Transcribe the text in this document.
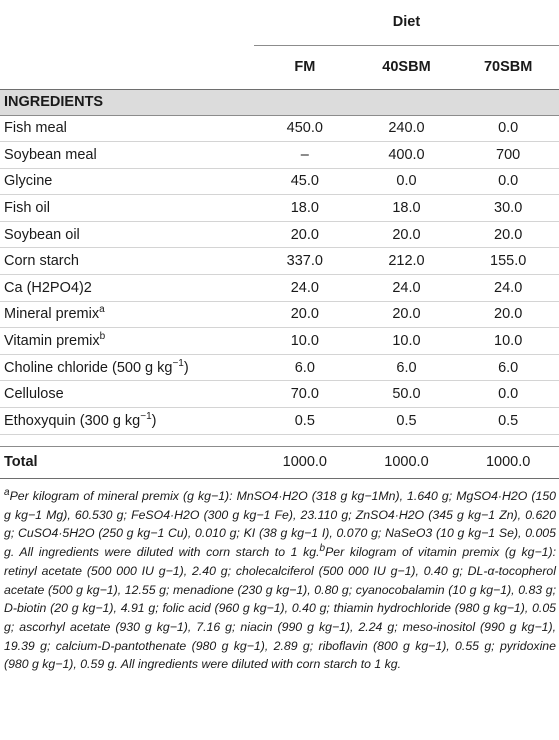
	Diet		
	FM	40SBM	70SBM
INGREDIENTS			
Fish meal	450.0	240.0	0.0
Soybean meal	–	400.0	700
Glycine	45.0	0.0	0.0
Fish oil	18.0	18.0	30.0
Soybean oil	20.0	20.0	20.0
Corn starch	337.0	212.0	155.0
Ca (H2PO4)2	24.0	24.0	24.0
Mineral premix$^a$	20.0	20.0	20.0
Vitamin premix$^b$	10.0	10.0	10.0
Choline chloride (500 g $kg^{-1}$)	6.0	6.0	6.0
Cellulose	70.0	50.0	0.0
Ethoxyquin (300 g $kg^{-1}$)	0.5	0.5	0.5

Total	1000.0	1000.0	1000.0
$^a$Per kilogram of mineral premix (g kg−1): MnSO4·H2O (318 g kg−1Mn), 1.640 g; MgSO4·H2O (150 g kg−1 Mg), 60.530 g; FeSO4·H2O (300 g kg−1 Fe), 23.110 g; ZnSO4·H2O (345 g kg−1 Zn), 0.620 g; CuSO4·5H2O (250 g kg−1 Cu), 0.010 g; KI (38 g kg−1 I), 0.070 g; NaSeO3 (10 g kg−1 Se), 0.005 g. All ingredients were diluted with corn starch to 1 kg.$^b$Per kilogram of vitamin premix (g kg−1): retinyl acetate (500 000 IU g−1), 2.40 g; cholecalciferol (500 000 IU g−1), 0.40 g; DL-α-tocopherol acetate (500 g kg−1), 12.55 g; menadione (230 g kg−1), 0.80 g; cyanocobalamin (10 g kg−1), 0.83 g; D-biotin (20 g kg−1), 4.91 g; folic acid (960 g kg−1), 0.40 g; thiamin hydrochloride (980 g kg−1), 0.05 g; ascorhyl acetate (930 g kg−1), 7.16 g; niacin (990 g kg−1), 2.24 g; meso-inositol (990 g kg−1), 19.39 g; calcium-D-pantothenate (980 g kg−1), 2.89 g; riboflavin (800 g kg−1), 0.55 g; pyridoxine (980 g kg−1), 0.59 g. All ingredients were diluted with corn starch to 1 kg.
